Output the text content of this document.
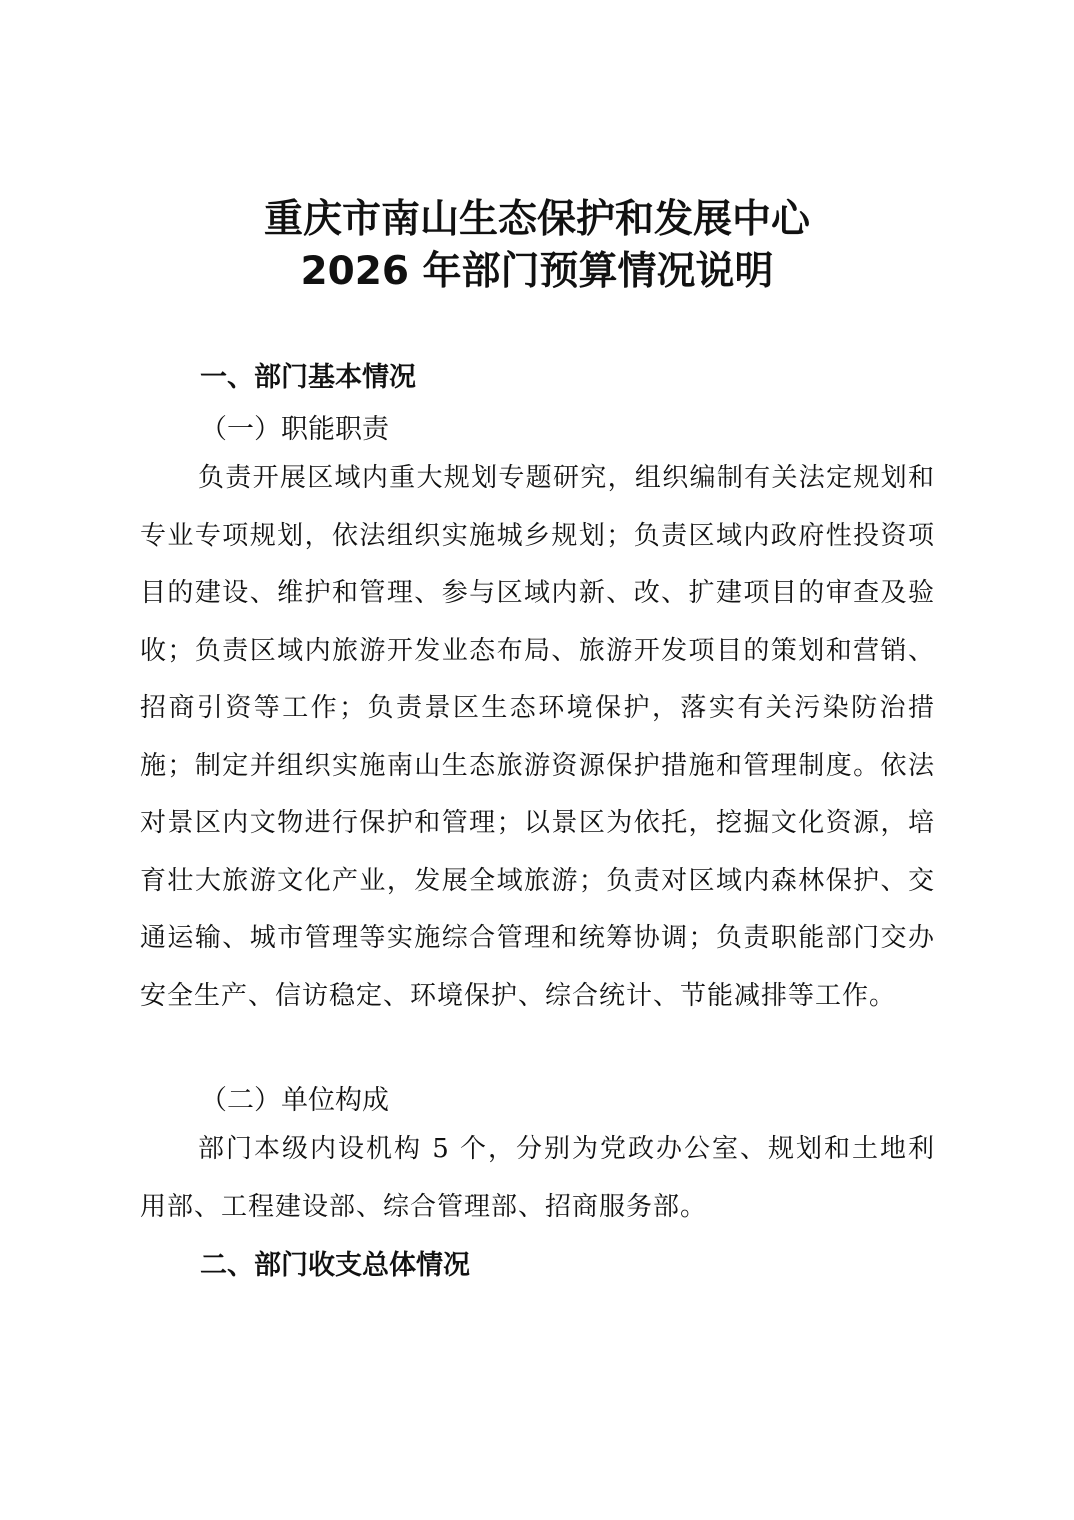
重庆市南山生态保护和发展中心
2026 年部门预算情况说明
一、部门基本情况
（一）职能职责
负责开展区域内重大规划专题研究，组织编制有关法定规划和专业专项规划，依法组织实施城乡规划；负责区域内政府性投资项目的建设、维护和管理、参与区域内新、改、扩建项目的审查及验收；负责区域内旅游开发业态布局、旅游开发项目的策划和营销、招商引资等工作；负责景区生态环境保护，落实有关污染防治措施；制定并组织实施南山生态旅游资源保护措施和管理制度。依法对景区内文物进行保护和管理；以景区为依托，挖掘文化资源，培育壮大旅游文化产业，发展全域旅游；负责对区域内森林保护、交通运输、城市管理等实施综合管理和统筹协调；负责职能部门交办安全生产、信访稳定、环境保护、综合统计、节能减排等工作。
（二）单位构成
部门本级内设机构 5 个，分别为党政办公室、规划和土地利用部、工程建设部、综合管理部、招商服务部。
二、部门收支总体情况
